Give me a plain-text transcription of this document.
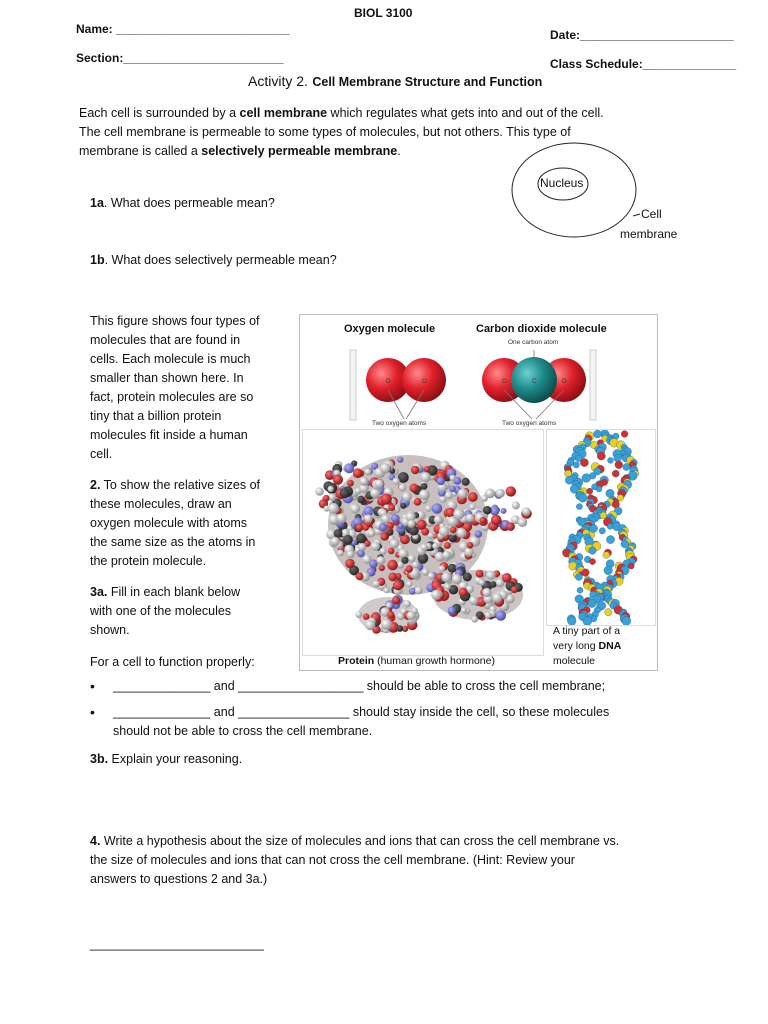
BIOL 3100
Name: __________________________	Date:_______________________
Section:________________________	Class Schedule:______________
Activity 2. Cell Membrane Structure and Function
Each cell is surrounded by a cell membrane which regulates what gets into and out of the cell.
The cell membrane is permeable to some types of molecules, but not others. This type of
membrane is called a selectively permeable membrane.
Nucleus
Cell
membrane
1a. What does permeable mean?
1b. What does selectively permeable mean?
This figure shows four types of
molecules that are found in
cells. Each molecule is much
smaller than shown here. In
fact, protein molecules are so
tiny that a billion protein
molecules fit inside a human
cell.
2. To show the relative sizes of
these molecules, draw an
oxygen molecule with atoms
the same size as the atoms in
the protein molecule.
3a. Fill in each blank below
with one of the molecules
shown.
For a cell to function properly:
Oxygen molecule	Carbon dioxide molecule
One carbon atom
O	O	O	C	O
Two oxygen atoms	Two oxygen atoms
Protein (human growth hormone)
A tiny part of a
very long DNA
molecule
• ______________ and __________________ should be able to cross the cell membrane;
• ______________ and ________________ should stay inside the cell, so these molecules
should not be able to cross the cell membrane.
3b. Explain your reasoning.
4. Write a hypothesis about the size of molecules and ions that can cross the cell membrane vs.
the size of molecules and ions that can not cross the cell membrane. (Hint: Review your
answers to questions 2 and 3a.)
_________________________
